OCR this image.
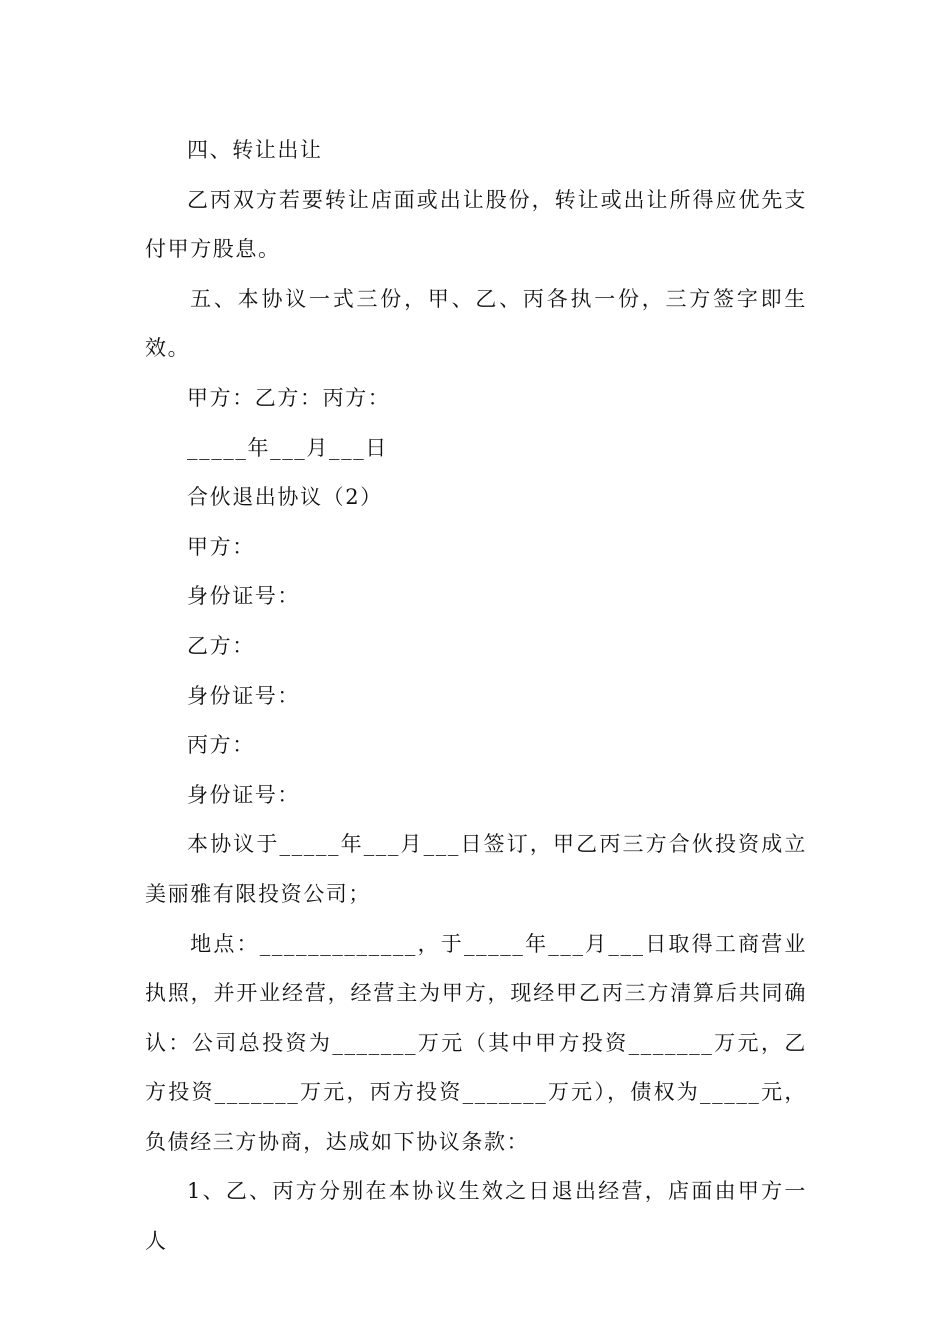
四、转让出让

乙丙双方若要转让店面或出让股份，转让或出让所得应优先支付甲方股息。

五、本协议一式三份，甲、乙、丙各执一份，三方签字即生效。

甲方：乙方：丙方：

_____年___月___日

合伙退出协议（2）

甲方：

身份证号：

乙方：

身份证号：

丙方：

身份证号：

本协议于_____年___月___日签订，甲乙丙三方合伙投资成立美丽雅有限投资公司；

地点：_____________，于_____年___月___日取得工商营业执照，并开业经营，经营主为甲方，现经甲乙丙三方清算后共同确认：公司总投资为_______万元（其中甲方投资_______万元，乙方投资_______万元，丙方投资_______万元），债权为_____元，负债经三方协商，达成如下协议条款：

1、乙、丙方分别在本协议生效之日退出经营，店面由甲方一人
